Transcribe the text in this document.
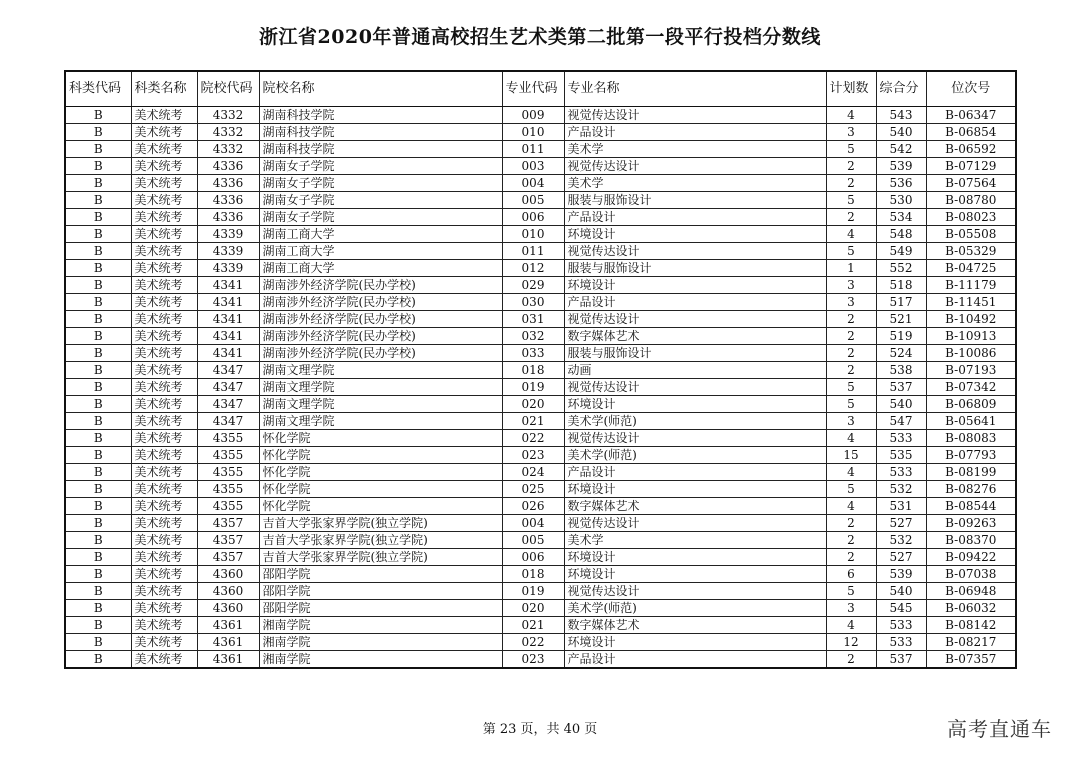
浙江省2020年普通高校招生艺术类第二批第一段平行投档分数线
科类代码	科类名称	院校代码	院校名称	专业代码	专业名称	计划数	综合分	位次号
B	美术统考	4332	湖南科技学院	009	视觉传达设计	4	543	B-06347
B	美术统考	4332	湖南科技学院	010	产品设计	3	540	B-06854
B	美术统考	4332	湖南科技学院	011	美术学	5	542	B-06592
B	美术统考	4336	湖南女子学院	003	视觉传达设计	2	539	B-07129
B	美术统考	4336	湖南女子学院	004	美术学	2	536	B-07564
B	美术统考	4336	湖南女子学院	005	服装与服饰设计	5	530	B-08780
B	美术统考	4336	湖南女子学院	006	产品设计	2	534	B-08023
B	美术统考	4339	湖南工商大学	010	环境设计	4	548	B-05508
B	美术统考	4339	湖南工商大学	011	视觉传达设计	5	549	B-05329
B	美术统考	4339	湖南工商大学	012	服装与服饰设计	1	552	B-04725
B	美术统考	4341	湖南涉外经济学院(民办学校)	029	环境设计	3	518	B-11179
B	美术统考	4341	湖南涉外经济学院(民办学校)	030	产品设计	3	517	B-11451
B	美术统考	4341	湖南涉外经济学院(民办学校)	031	视觉传达设计	2	521	B-10492
B	美术统考	4341	湖南涉外经济学院(民办学校)	032	数字媒体艺术	2	519	B-10913
B	美术统考	4341	湖南涉外经济学院(民办学校)	033	服装与服饰设计	2	524	B-10086
B	美术统考	4347	湖南文理学院	018	动画	2	538	B-07193
B	美术统考	4347	湖南文理学院	019	视觉传达设计	5	537	B-07342
B	美术统考	4347	湖南文理学院	020	环境设计	5	540	B-06809
B	美术统考	4347	湖南文理学院	021	美术学(师范)	3	547	B-05641
B	美术统考	4355	怀化学院	022	视觉传达设计	4	533	B-08083
B	美术统考	4355	怀化学院	023	美术学(师范)	15	535	B-07793
B	美术统考	4355	怀化学院	024	产品设计	4	533	B-08199
B	美术统考	4355	怀化学院	025	环境设计	5	532	B-08276
B	美术统考	4355	怀化学院	026	数字媒体艺术	4	531	B-08544
B	美术统考	4357	吉首大学张家界学院(独立学院)	004	视觉传达设计	2	527	B-09263
B	美术统考	4357	吉首大学张家界学院(独立学院)	005	美术学	2	532	B-08370
B	美术统考	4357	吉首大学张家界学院(独立学院)	006	环境设计	2	527	B-09422
B	美术统考	4360	邵阳学院	018	环境设计	6	539	B-07038
B	美术统考	4360	邵阳学院	019	视觉传达设计	5	540	B-06948
B	美术统考	4360	邵阳学院	020	美术学(师范)	3	545	B-06032
B	美术统考	4361	湘南学院	021	数字媒体艺术	4	533	B-08142
B	美术统考	4361	湘南学院	022	环境设计	12	533	B-08217
B	美术统考	4361	湘南学院	023	产品设计	2	537	B-07357
第 23 页，共 40 页	高考直通车
